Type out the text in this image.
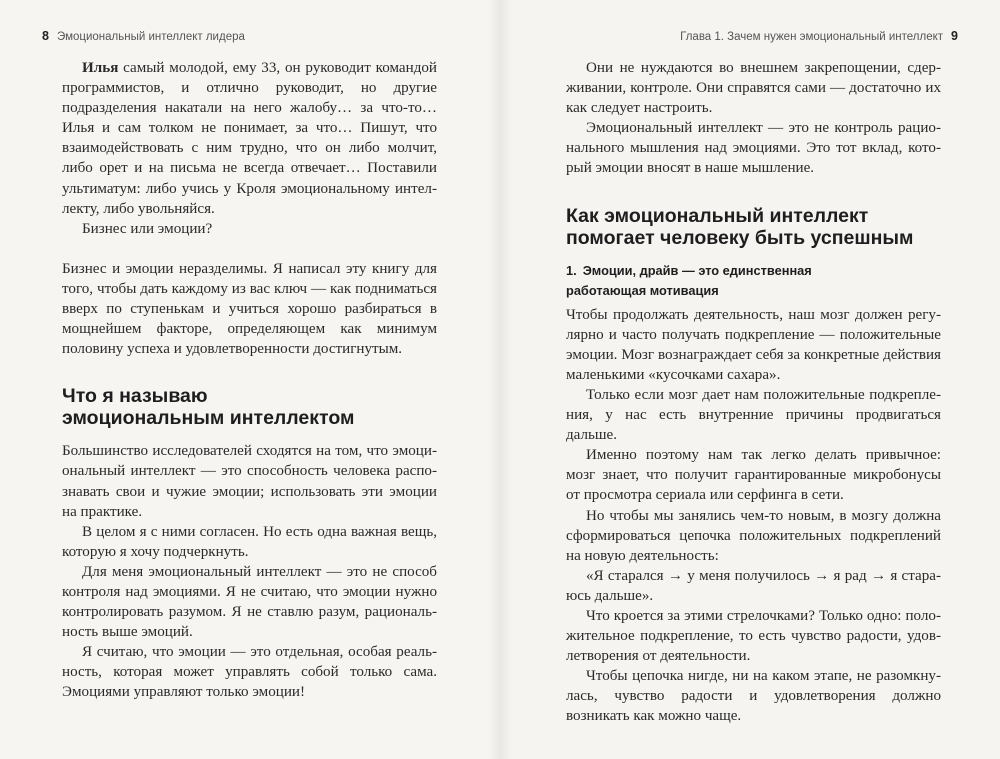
8 Эмоциональный интеллект лидера

Илья самый молодой, ему 33, он руководит командой программистов, и отлично руководит, но другие подразделения накатали на него жалобу… за что-то… Илья и сам толком не понимает, за что… Пишут, что взаимодействовать с ним трудно, что он либо молчит, либо орет и на письма не всегда отвечает… Поставили ультиматум: либо учись у Кроля эмоциональному интеллекту, либо увольняйся.

Бизнес или эмоции?

Бизнес и эмоции неразделимы. Я написал эту книгу для того, чтобы дать каждому из вас ключ — как подниматься вверх по ступенькам и учиться хорошо разбираться в мощнейшем факторе, определяющем как минимум половину успеха и удовлетворенности достигнутым.

Что я называю
эмоциональным интеллектом

Большинство исследователей сходятся на том, что эмоциональный интеллект — это способность человека распознавать свои и чужие эмоции; использовать эти эмоции на практике.

В целом я с ними согласен. Но есть одна важная вещь, которую я хочу подчеркнуть.

Для меня эмоциональный интеллект — это не способ контроля над эмоциями. Я не считаю, что эмоции нужно контролировать разумом. Я не ставлю разум, рациональность выше эмоций.

Я считаю, что эмоции — это отдельная, особая реальность, которая может управлять собой только сама. Эмоциями управляют только эмоции!

Глава 1. Зачем нужен эмоциональный интеллект 9

Они не нуждаются во внешнем закрепощении, сдерживании, контроле. Они справятся сами — достаточно их как следует настроить.

Эмоциональный интеллект — это не контроль рационального мышления над эмоциями. Это тот вклад, который эмоции вносят в наше мышление.

Как эмоциональный интеллект
помогает человеку быть успешным
1. Эмоции, драйв — это единственная
работающая мотивация

Чтобы продолжать деятельность, наш мозг должен регулярно и часто получать подкрепление — положительные эмоции. Мозг вознаграждает себя за конкретные действия маленькими «кусочками сахара».

Только если мозг дает нам положительные подкрепления, у нас есть внутренние причины продвигаться дальше.

Именно поэтому нам так легко делать привычное: мозг знает, что получит гарантированные микробонусы от просмотра сериала или серфинга в сети.

Но чтобы мы занялись чем-то новым, в мозгу должна сформироваться цепочка положительных подкреплений на новую деятельность:

«Я старался → у меня получилось → я рад → я стараюсь дальше».

Что кроется за этими стрелочками? Только одно: положительное подкрепление, то есть чувство радости, удовлетворения от деятельности.

Чтобы цепочка нигде, ни на каком этапе, не разомкнулась, чувство радости и удовлетворения должно возникать как можно чаще.
